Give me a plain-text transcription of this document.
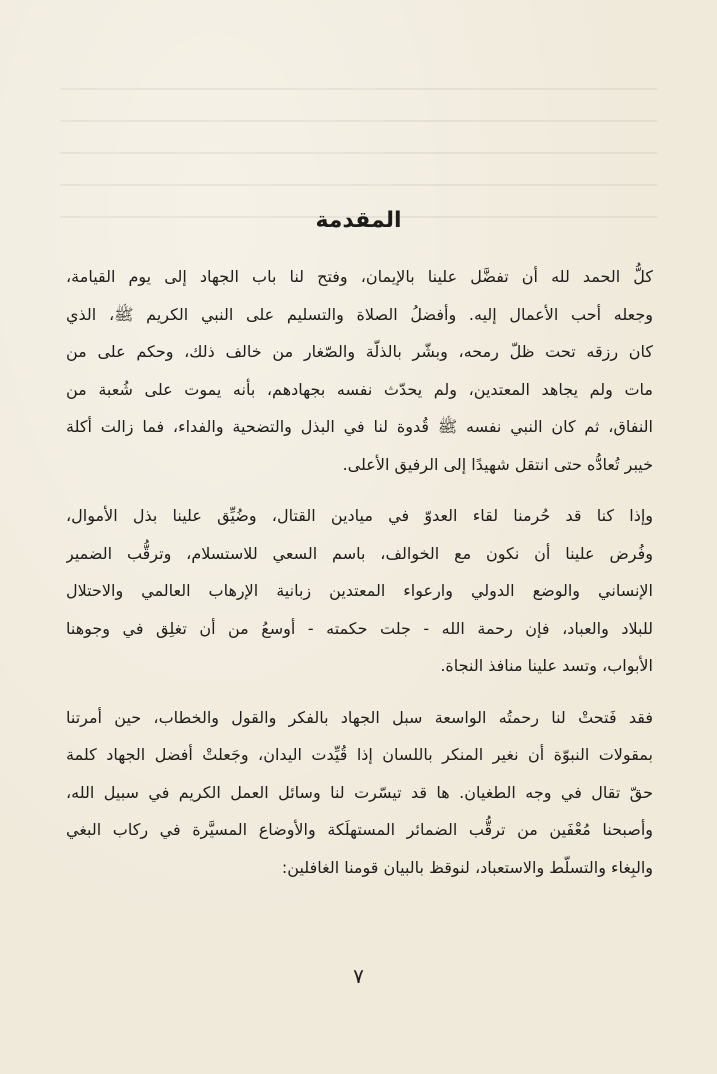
المقدمة
كلُّ الحمد لله أن تفضَّل علينا بالإيمان، وفتح لنا باب الجهاد إلى يوم القيامة،
وجعله أحب الأعمال إليه. وأفضلُ الصلاة والتسليم على النبي الكريم ﷺ، الذي
كان رزقه تحت ظلّ رمحه، وبشّر بالذلّة والصّغار من خالف ذلك، وحكم على من
مات ولم يجاهد المعتدين، ولم يحدّث نفسه بجهادهم، بأنه يموت على شُعبة من
النفاق، ثم كان النبي نفسه ﷺ قُدوة لنا في البذل والتضحية والفداء، فما زالت أكلة
خيبر تُعادُّه حتى انتقل شهيدًا إلى الرفيق الأعلى.
وإذا كنا قد حُرمنا لقاء العدوّ في ميادين القتال، وضُيِّق علينا بذل الأموال،
وفُرض علينا أن نكون مع الخوالف، باسم السعي للاستسلام، وترقُّب الضمير
الإنساني والوضع الدولي وارعواء المعتدين زبانية الإرهاب العالمي والاحتلال
للبلاد والعباد، فإن رحمة الله - جلت حكمته - أوسعُ من أن تغلِق في وجوهنا
الأبواب، وتسد علينا منافذ النجاة.
فقد فَتحتْ لنا رحمتُه الواسعة سبل الجهاد بالفكر والقول والخطاب، حين أمرتنا
بمقولات النبوّة أن نغير المنكر باللسان إذا قُيِّدت اليدان، وجَعلتْ أفضل الجهاد كلمة
حقّ تقال في وجه الطغيان. ها قد تيسّرت لنا وسائل العمل الكريم في سبيل الله،
وأصبحنا مُعْفَين من ترقُّب الضمائر المستهلَكة والأوضاع المسيَّرة في ركاب البغي
والبِغاء والتسلّط والاستعباد، لنوقظ بالبيان قومنا الغافلين:
٧
